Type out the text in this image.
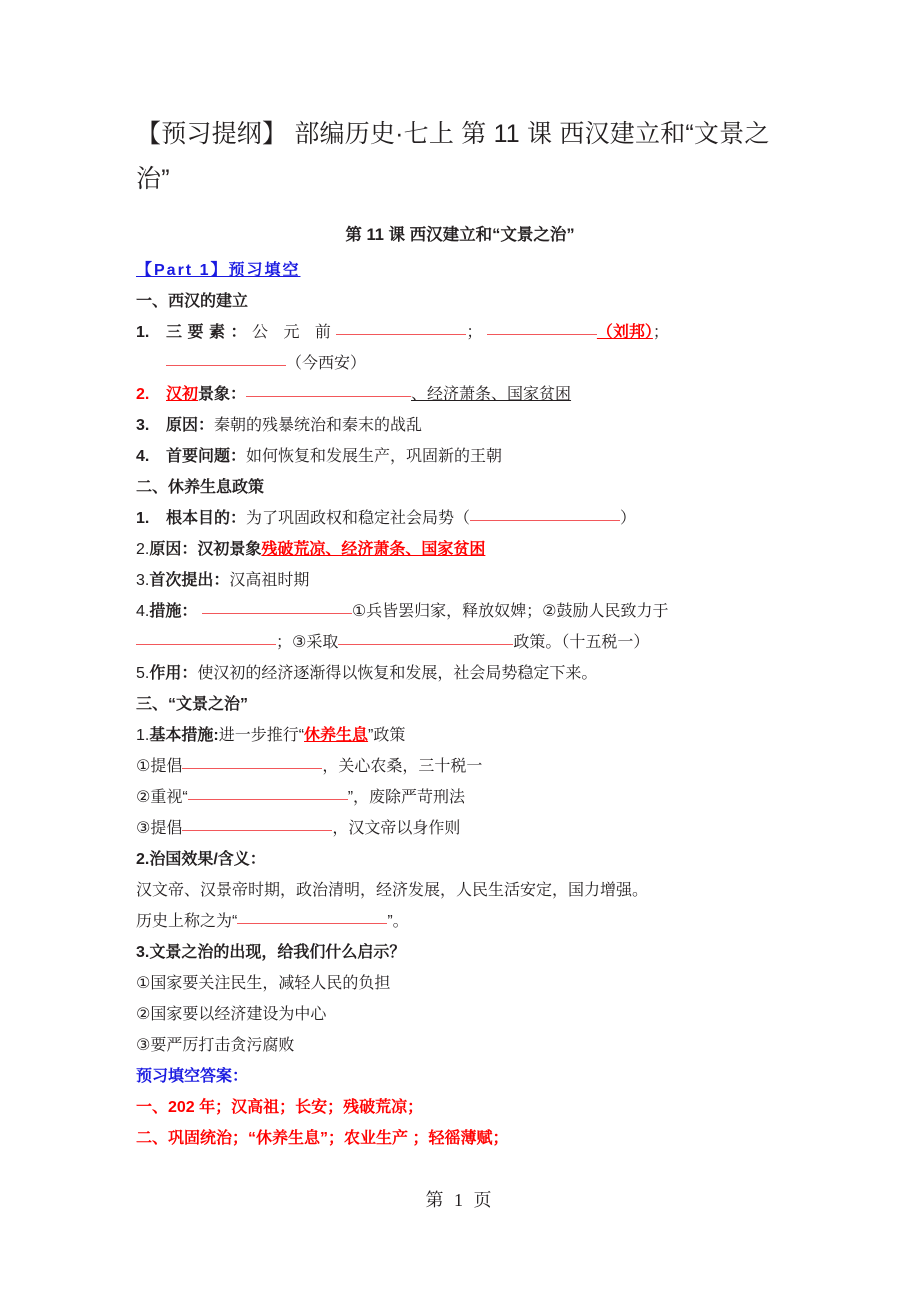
【预习提纲】 部编历史·七上 第 11 课 西汉建立和“文景之治”
第 11 课 西汉建立和“文景之治”
【Part 1】预习填空
一、西汉的建立
1.	三要素：公 元 前	；	（刘邦）；
（今西安）
2.	汉初景象：	、经济萧条、国家贫困
3.	原因：秦朝的残暴统治和秦末的战乱
4.	首要问题：如何恢复和发展生产，巩固新的王朝
二、休养生息政策
1.	根本目的：为了巩固政权和稳定社会局势（	）
2.原因：汉初景象残破荒凉、经济萧条、国家贫困
3.首次提出：汉高祖时期
4.措施：	①兵皆罢归家，释放奴婢；②鼓励人民致力于
；③采取	政策。（十五税一）
5.作用：使汉初的经济逐渐得以恢复和发展，社会局势稳定下来。
三、“文景之治”
1.基本措施:进一步推行“休养生息”政策
①提倡	，关心农桑，三十税一
②重视“	”，废除严苛刑法
③提倡	，汉文帝以身作则
2.治国效果/含义：
汉文帝、汉景帝时期，政治清明，经济发展，人民生活安定，国力增强。
历史上称之为“	”。
3.文景之治的出现，给我们什么启示？
①国家要关注民生，减轻人民的负担
②国家要以经济建设为中心
③要严厉打击贪污腐败
预习填空答案：
一、202 年；汉高祖；长安；残破荒凉；
二、巩固统治；“休养生息”；农业生产 ；轻徭薄赋；
第 1 页
